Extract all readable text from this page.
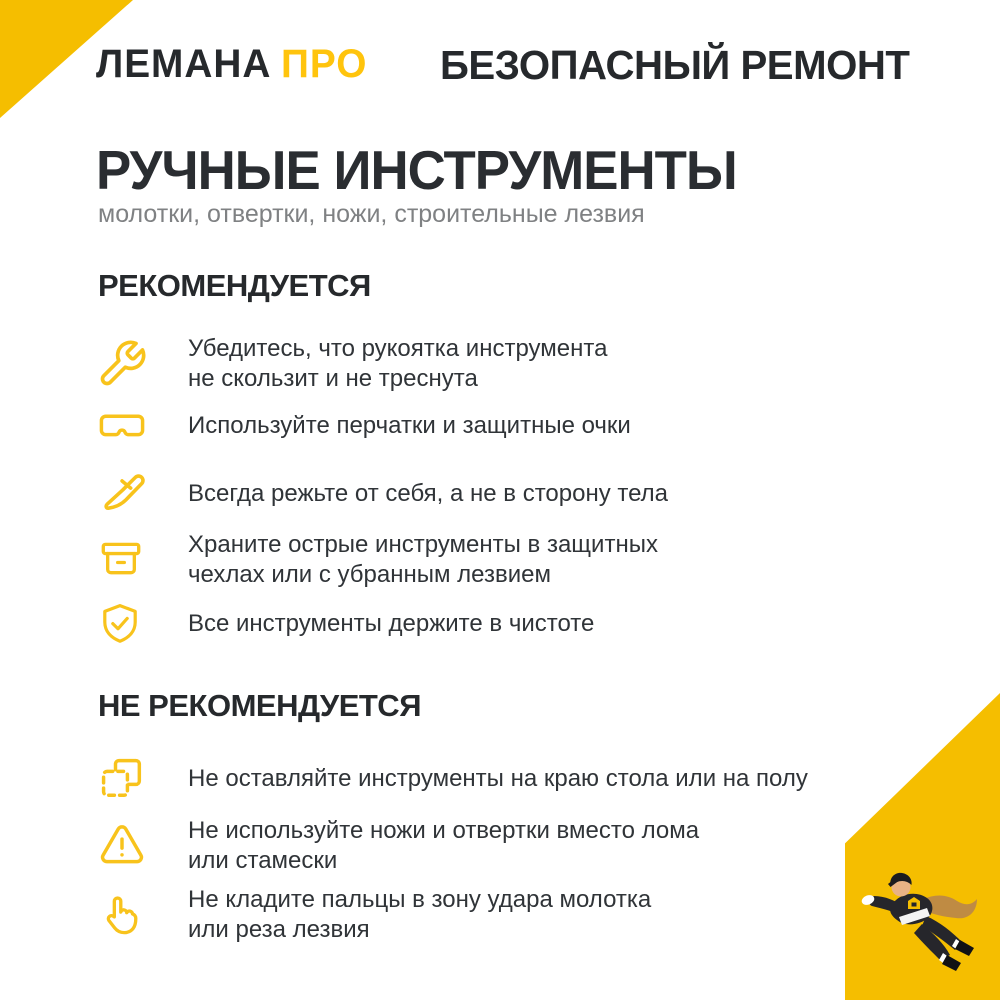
ЛЕМАНА ПРО БЕЗОПАСНЫЙ РЕМОНТ
РУЧНЫЕ ИНСТРУМЕНТЫ

молотки, отвертки, ножи, строительные лезвия

РЕКОМЕНДУЕТСЯ
Убедитесь, что рукоятка инструмента
не скользит и не треснута
Используйте перчатки и защитные очки
Всегда режьте от себя, а не в сторону тела
Храните острые инструменты в защитных
чехлах или с убранным лезвием
Все инструменты держите в чистоте
НЕ РЕКОМЕНДУЕТСЯ
Не оставляйте инструменты на краю стола или на полу
Не используйте ножи и отвертки вместо лома
или стамески
Не кладите пальцы в зону удара молотка
или реза лезвия
